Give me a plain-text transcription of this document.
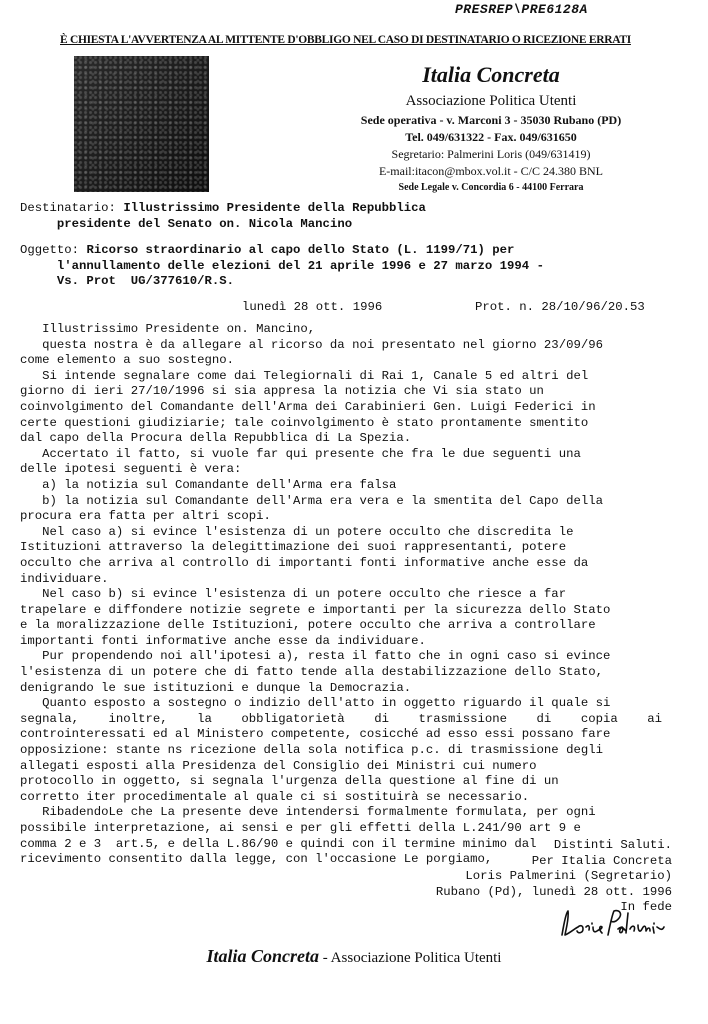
PRESREP\PRE6128A
È CHIESTA L'AVVERTENZA AL MITTENTE D'OBBLIGO NEL CASO DI DESTINATARIO O RICEZIONE ERRATI
Italia Concreta
Associazione Politica Utenti
Sede operativa - v. Marconi 3 - 35030 Rubano (PD)
Tel. 049/631322 - Fax. 049/631650
Segretario: Palmerini Loris (049/631419)
E-mail:itacon@mbox.vol.it - C/C 24.380 BNL
Sede Legale v. Concordia 6 - 44100 Ferrara
Destinatario: Illustrissimo Presidente della Repubblica
presidente del Senato on. Nicola Mancino
Oggetto: Ricorso straordinario al capo dello Stato (L. 1199/71) per
l'annullamento delle elezioni del 21 aprile 1996 e 27 marzo 1994 -
Vs. Prot  UG/377610/R.S.
lunedì 28 ott. 1996	Prot. n. 28/10/96/20.53
Illustrissimo Presidente on. Mancino,
questa nostra è da allegare al ricorso da noi presentato nel giorno 23/09/96
come elemento a suo sostegno.
Si intende segnalare come dai Telegiornali di Rai 1, Canale 5 ed altri del
giorno di ieri 27/10/1996 si sia appresa la notizia che Vi sia stato un
coinvolgimento del Comandante dell'Arma dei Carabinieri Gen. Luigi Federici in
certe questioni giudiziarie; tale coinvolgimento è stato prontamente smentito
dal capo della Procura della Repubblica di La Spezia.
Accertato il fatto, si vuole far qui presente che fra le due seguenti una
delle ipotesi seguenti è vera:
a) la notizia sul Comandante dell'Arma era falsa
b) la notizia sul Comandante dell'Arma era vera e la smentita del Capo della
procura era fatta per altri scopi.
Nel caso a) si evince l'esistenza di un potere occulto che discredita le
Istituzioni attraverso la delegittimazione dei suoi rappresentanti, potere
occulto che arriva al controllo di importanti fonti informative anche esse da
individuare.
Nel caso b) si evince l'esistenza di un potere occulto che riesce a far
trapelare e diffondere notizie segrete e importanti per la sicurezza dello Stato
e la moralizzazione delle Istituzioni, potere occulto che arriva a controllare
importanti fonti informative anche esse da individuare.
Pur propendendo noi all'ipotesi a), resta il fatto che in ogni caso si evince
l'esistenza di un potere che di fatto tende alla destabilizzazione dello Stato,
denigrando le sue istituzioni e dunque la Democrazia.
Quanto esposto a sostegno o indizio dell'atto in oggetto riguardo il quale si
segnala,    inoltre,    la    obbligatorietà    di    trasmissione    di    copia    ai
controinteressati ed al Ministero competente, cosicché ad esso essi possano fare
opposizione: stante ns ricezione della sola notifica p.c. di trasmissione degli
allegati esposti alla Presidenza del Consiglio dei Ministri cui numero
protocollo in oggetto, si segnala l'urgenza della questione al fine di un
corretto iter procedimentale al quale ci si sostituirà se necessario.
RibadendoLe che La presente deve intendersi formalmente formulata, per ogni
possibile interpretazione, ai sensi e per gli effetti della L.241/90 art 9 e
comma 2 e 3  art.5, e della L.86/90 e quindi con il termine minimo dal
ricevimento consentito dalla legge, con l'occasione Le porgiamo,
Distinti Saluti.
Per Italia Concreta
Loris Palmerini (Segretario)
Rubano (Pd), lunedì 28 ott. 1996
In fede
Italia Concreta - Associazione Politica Utenti
